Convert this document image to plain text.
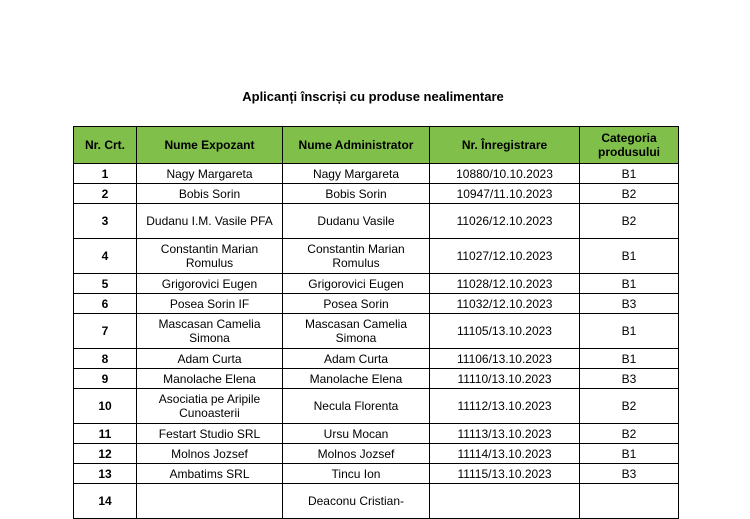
Aplicanți înscriși cu produse nealimentare
Nr. Crt.	Nume Expozant	Nume Administrator	Nr. Înregistrare	Categoria produsului
1	Nagy Margareta	Nagy Margareta	10880/10.10.2023	B1
2	Bobis Sorin	Bobis Sorin	10947/11.10.2023	B2
3	Dudanu I.M. Vasile PFA	Dudanu Vasile	11026/12.10.2023	B2
4	Constantin Marian Romulus	Constantin Marian Romulus	11027/12.10.2023	B1
5	Grigorovici Eugen	Grigorovici Eugen	11028/12.10.2023	B1
6	Posea Sorin IF	Posea Sorin	11032/12.10.2023	B3
7	Mascasan Camelia Simona	Mascasan Camelia Simona	11105/13.10.2023	B1
8	Adam Curta	Adam Curta	11106/13.10.2023	B1
9	Manolache Elena	Manolache Elena	11110/13.10.2023	B3
10	Asociatia pe Aripile Cunoasterii	Necula Florenta	11112/13.10.2023	B2
11	Festart Studio SRL	Ursu Mocan	11113/13.10.2023	B2
12	Molnos Jozsef	Molnos Jozsef	11114/13.10.2023	B1
13	Ambatims SRL	Tincu Ion	11115/13.10.2023	B3
14		Deaconu Cristian-		
